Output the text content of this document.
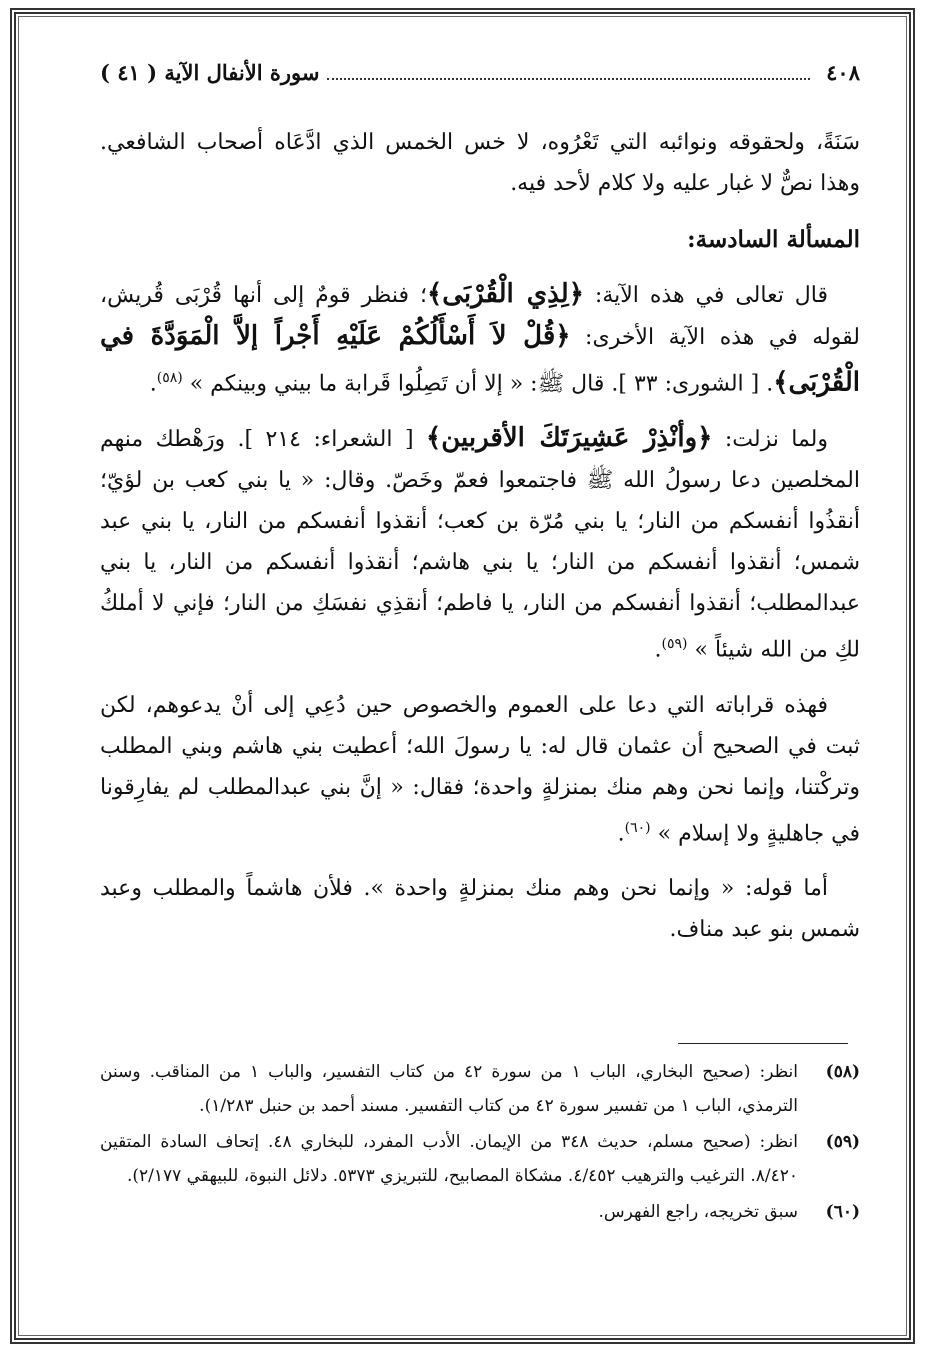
٤٠٨
سورة الأنفال الآية ( ٤١ )

سَنَةً، ولحقوقه ونوائبه التي تَعْرُوه، لا خس الخمس الذي ادَّعَاه أصحاب الشافعي. وهذا نصٌّ لا غبار عليه ولا كلام لأحد فيه.

المسألة السادسة:

قال تعالى في هذه الآية: ﴿لِذِي الْقُرْبَى﴾؛ فنظر قومٌ إلى أنها قُرْبَى قُريش، لقوله في هذه الآية الأخرى: ﴿قُلْ لاَ أَسْأَلُكُمْ عَلَيْهِ أَجْراً إلاَّ الْمَوَدَّةَ في الْقُرْبَى﴾. [ الشورى: ٣٣ ]. قال ﷺ: « إلا أن تَصِلُوا قَرابة ما بيني وبينكم » $^{(٥٨)}$.

ولما نزلت: ﴿وأنْذِرْ عَشِيرَتَكَ الأقربين﴾ [ الشعراء: ٢١٤ ]. ورَهْطك منهم المخلصين دعا رسولُ الله ﷺ فاجتمعوا فعمّ وخَصّ. وقال: « يا بني كعب بن لؤيّ؛ أنقذُوا أنفسكم من النار؛ يا بني مُرّة بن كعب؛ أنقذوا أنفسكم من النار، يا بني عبد شمس؛ أنقذوا أنفسكم من النار؛ يا بني هاشم؛ أنقذوا أنفسكم من النار، يا بني عبدالمطلب؛ أنقذوا أنفسكم من النار، يا فاطم؛ أنقذِي نفسَكِ من النار؛ فإني لا أملكُ لكِ من الله شيئاً » $^{(٥٩)}$.

فهذه قراباته التي دعا على العموم والخصوص حين دُعِي إلى أنْ يدعوهم، لكن ثبت في الصحيح أن عثمان قال له: يا رسولَ الله؛ أعطيت بني هاشم وبني المطلب وتركْتنا، وإنما نحن وهم منك بمنزلةٍ واحدة؛ فقال: « إنَّ بني عبدالمطلب لم يفارِقونا في جاهليةٍ ولا إسلام » $^{(٦٠)}$.

أما قوله: « وإنما نحن وهم منك بمنزلةٍ واحدة ». فلأن هاشماً والمطلب وعبد شمس بنو عبد مناف.

(٥٨)
انظر: (صحيح البخاري، الباب ١ من سورة ٤٢ من كتاب التفسير، والباب ١ من المناقب. وسنن الترمذي، الباب ١ من تفسير سورة ٤٢ من كتاب التفسير. مسند أحمد بن حنبل ١/٢٨٣).
(٥٩)
انظر: (صحيح مسلم، حديث ٣٤٨ من الإيمان. الأدب المفرد، للبخاري ٤٨. إتحاف السادة المتقين ٨/٤٢٠. الترغيب والترهيب ٤/٤٥٢. مشكاة المصابيح، للتبريزي ٥٣٧٣. دلائل النبوة، للبيهقي ٢/١٧٧).
(٦٠)
سبق تخريجه، راجع الفهرس.
